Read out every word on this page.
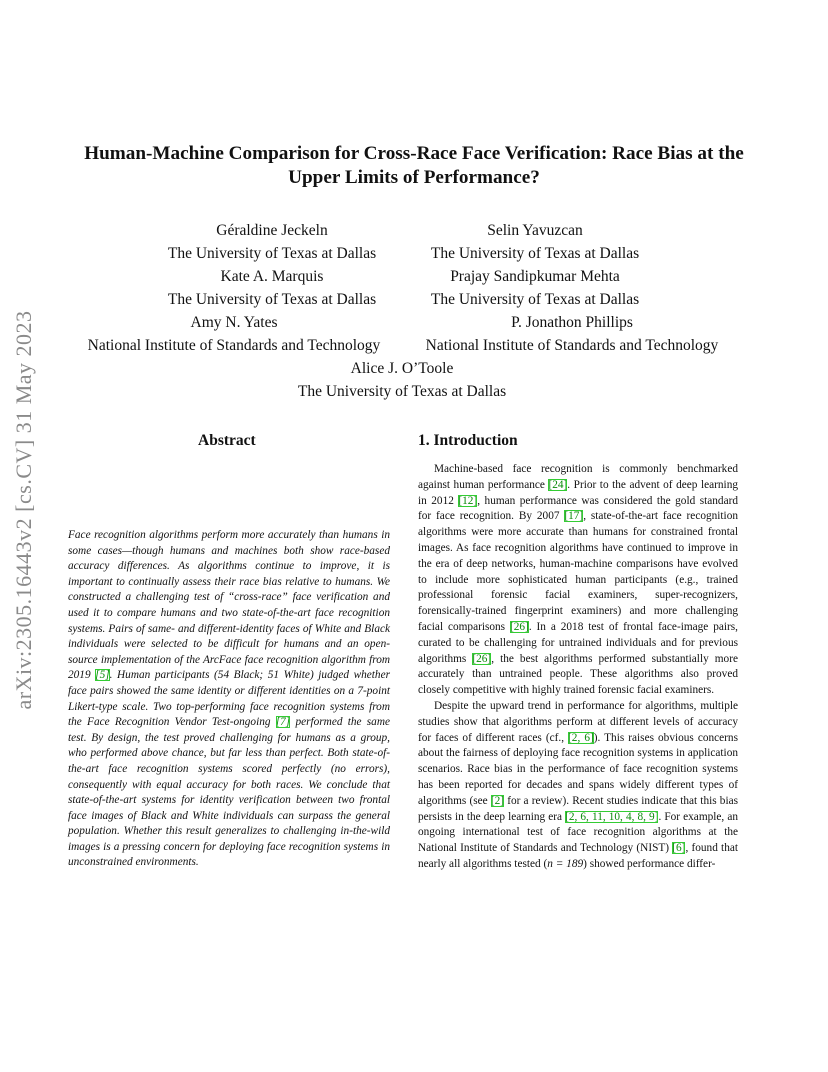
arXiv:2305.16443v2 [cs.CV] 31 May 2023
Human-Machine Comparison for Cross-Race Face Verification: Race Bias at the Upper Limits of Performance?
Géraldine Jeckeln
The University of Texas at Dallas
Selin Yavuzcan
The University of Texas at Dallas
Kate A. Marquis
The University of Texas at Dallas
Prajay Sandipkumar Mehta
The University of Texas at Dallas
Amy N. Yates
National Institute of Standards and Technology
P. Jonathon Phillips
National Institute of Standards and Technology
Alice J. O’Toole
The University of Texas at Dallas
Abstract
Face recognition algorithms perform more accurately than humans in some cases—though humans and machines both show race-based accuracy differences. As algorithms continue to improve, it is important to continually assess their race bias relative to humans. We constructed a challenging test of “cross-race” face verification and used it to compare humans and two state-of-the-art face recognition systems. Pairs of same- and different-identity faces of White and Black individuals were selected to be difficult for humans and an open-source implementation of the ArcFace face recognition algorithm from 2019 [5]. Human participants (54 Black; 51 White) judged whether face pairs showed the same identity or different identities on a 7-point Likert-type scale. Two top-performing face recognition systems from the Face Recognition Vendor Test-ongoing [7] performed the same test. By design, the test proved challenging for humans as a group, who performed above chance, but far less than perfect. Both state-of-the-art face recognition systems scored perfectly (no errors), consequently with equal accuracy for both races. We conclude that state-of-the-art systems for identity verification between two frontal face images of Black and White individuals can surpass the general population. Whether this result generalizes to challenging in-the-wild images is a pressing concern for deploying face recognition systems in unconstrained environments.
1. Introduction

Machine-based face recognition is commonly benchmarked against human performance [24]. Prior to the advent of deep learning in 2012 [12], human performance was considered the gold standard for face recognition. By 2007 [17], state-of-the-art face recognition algorithms were more accurate than humans for constrained frontal images. As face recognition algorithms have continued to improve in the era of deep networks, human-machine comparisons have evolved to include more sophisticated human participants (e.g., trained professional forensic facial examiners, super-recognizers, forensically-trained fingerprint examiners) and more challenging facial comparisons [26]. In a 2018 test of frontal face-image pairs, curated to be challenging for untrained individuals and for previous algorithms [26], the best algorithms performed substantially more accurately than untrained people. These algorithms also proved closely competitive with highly trained forensic facial examiners.

Despite the upward trend in performance for algorithms, multiple studies show that algorithms perform at different levels of accuracy for faces of different races (cf., [2, 6]). This raises obvious concerns about the fairness of deploying face recognition systems in application scenarios. Race bias in the performance of face recognition systems has been reported for decades and spans widely different types of algorithms (see [2] for a review). Recent studies indicate that this bias persists in the deep learning era [2, 6, 11, 10, 4, 8, 9]. For example, an ongoing international test of face recognition algorithms at the National Institute of Standards and Technology (NIST) [6], found that nearly all algorithms tested (n = 189) showed performance differ-
